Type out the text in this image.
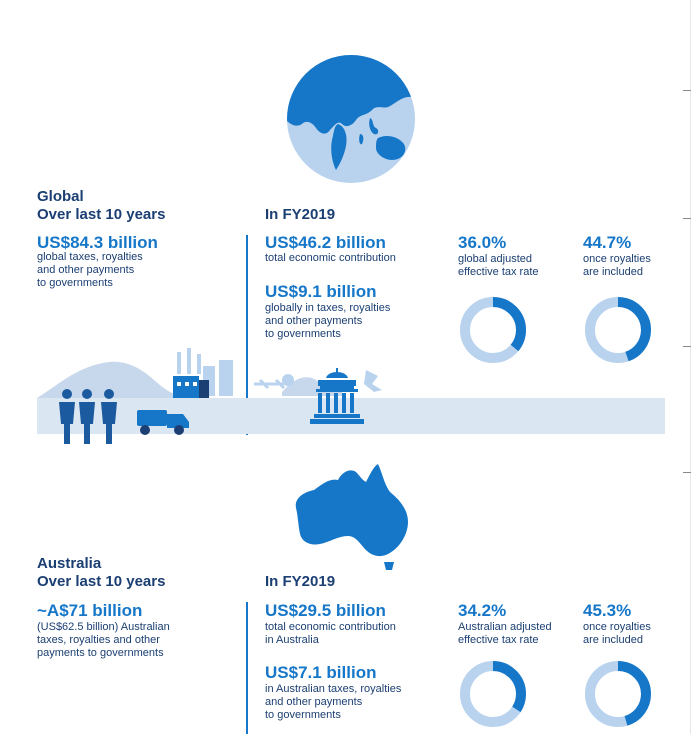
Global
Over last 10 years
US$84.3 billion
global taxes, royalties
and other payments
to governments
In FY2019
US$46.2 billion
total economic contribution
US$9.1 billion
globally in taxes, royalties
and other payments
to governments
36.0%
global adjusted
effective tax rate
44.7%
once royalties
are included
Australia
Over last 10 years
~A$71 billion
(US$62.5 billion) Australian
taxes, royalties and other
payments to governments
In FY2019
US$29.5 billion
total economic contribution
in Australia
US$7.1 billion
in Australian taxes, royalties
and other payments
to governments
34.2%
Australian adjusted
effective tax rate
45.3%
once royalties
are included
